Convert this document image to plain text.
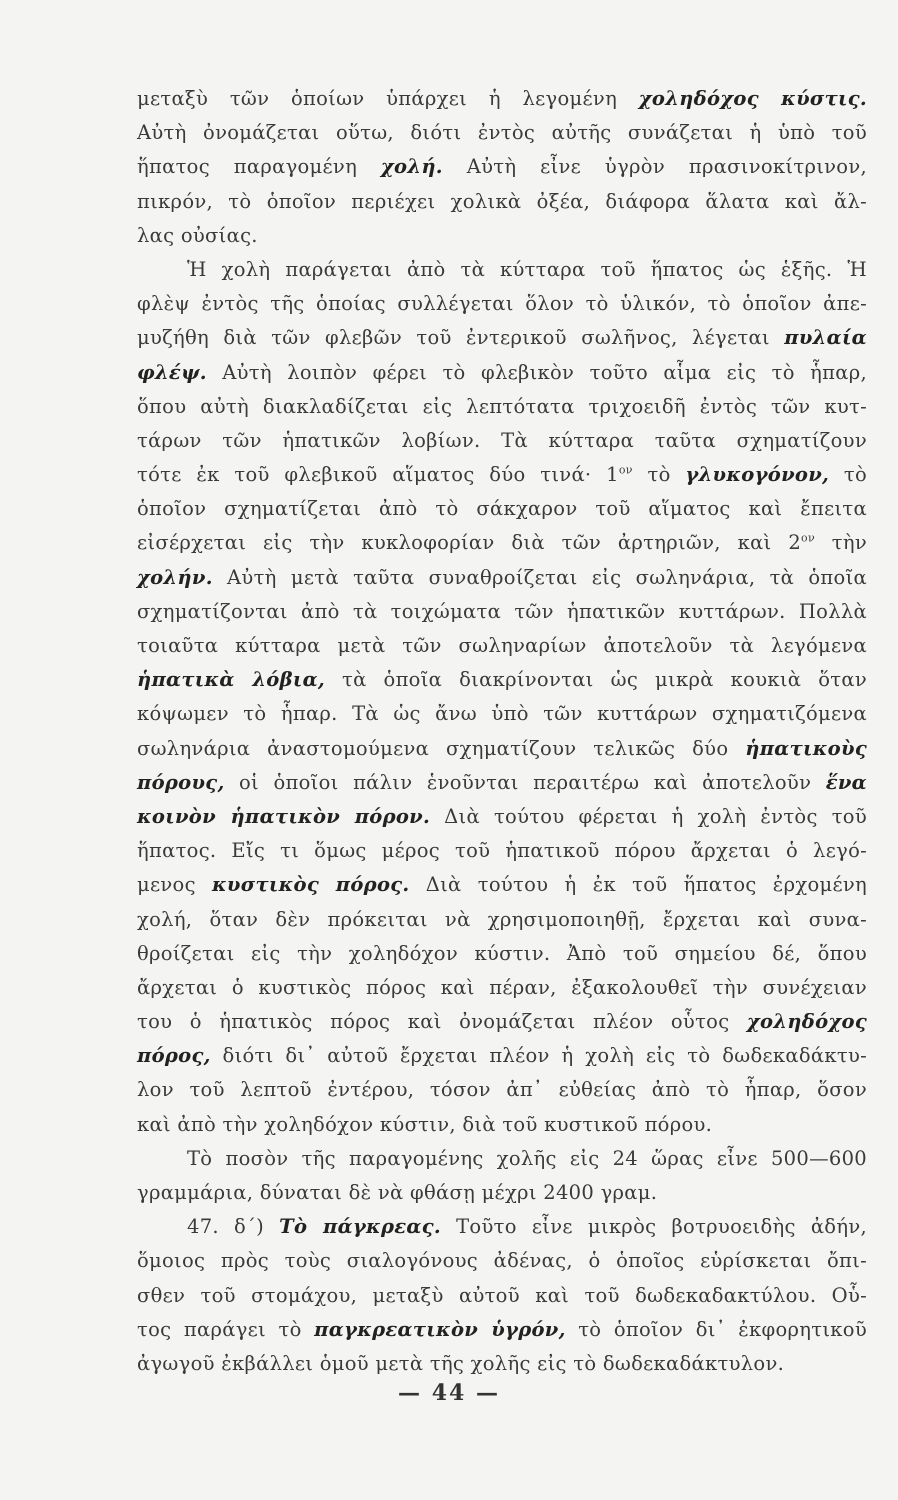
μεταξὺ τῶν ὁποίων ὑπάρχει ἡ λεγομένη χοληδόχος κύστις.
Αὐτὴ ὀνομάζεται οὕτω, διότι ἐντὸς αὐτῆς συνάζεται ἡ ὑπὸ τοῦ
ἥπατος παραγομένη χολή. Αὐτὴ εἶνε ὑγρὸν πρασινοκίτρινον,
πικρόν, τὸ ὁποῖον περιέχει χολικὰ ὀξέα, διάφορα ἅλατα καὶ ἄλ-
λας οὐσίας.
Ἡ χολὴ παράγεται ἀπὸ τὰ κύτταρα τοῦ ἥπατος ὡς ἑξῆς. Ἡ
φλὲψ ἐντὸς τῆς ὁποίας συλλέγεται ὅλον τὸ ὑλικόν, τὸ ὁποῖον ἀπε-
μυζήθη διὰ τῶν φλεβῶν τοῦ ἐντερικοῦ σωλῆνος, λέγεται πυλαία
φλέψ. Αὐτὴ λοιπὸν φέρει τὸ φλεβικὸν τοῦτο αἷμα εἰς τὸ ἧπαρ,
ὅπου αὐτὴ διακλαδίζεται εἰς λεπτότατα τριχοειδῆ ἐντὸς τῶν κυτ-
τάρων τῶν ἡπατικῶν λοβίων. Τὰ κύτταρα ταῦτα σχηματίζουν
τότε ἐκ τοῦ φλεβικοῦ αἵματος δύο $\tau\iota\nu ά\cdot 1^{o\nu}$ τὸ γλυκογόνον, τὸ
ὁποῖον σχηματίζεται ἀπὸ τὸ σάκχαρον τοῦ αἵματος καὶ ἔπειτα
εἰσέρχεται εἰς τὴν κυκλοφορίαν διὰ τῶν ἀρτηριῶν, καὶ $2^{o\nu}$ τὴν
χολήν. Αὐτὴ μετὰ ταῦτα συναθροίζεται εἰς σωληνάρια, τὰ ὁποῖα
σχηματίζονται ἀπὸ τὰ τοιχώματα τῶν ἡπατικῶν κυττάρων. Πολλὰ
τοιαῦτα κύτταρα μετὰ τῶν σωληναρίων ἀποτελοῦν τὰ λεγόμενα
ἡπατικὰ λόβια, τὰ ὁποῖα διακρίνονται ὡς μικρὰ κουκιὰ ὅταν
κόψωμεν τὸ ἧπαρ. Τὰ ὡς ἄνω ὑπὸ τῶν κυττάρων σχηματιζόμενα
σωληνάρια ἀναστομούμενα σχηματίζουν τελικῶς δύο ἡπατικοὺς
πόρους, οἱ ὁποῖοι πάλιν ἑνοῦνται περαιτέρω καὶ ἀποτελοῦν ἕνα
κοινὸν ἡπατικὸν πόρον. Διὰ τούτου φέρεται ἡ χολὴ ἐντὸς τοῦ
ἥπατος. Εἴς τι ὅμως μέρος τοῦ ἡπατικοῦ πόρου ἄρχεται ὁ λεγό-
μενος κυστικὸς πόρος. Διὰ τούτου ἡ ἐκ τοῦ ἥπατος ἐρχομένη
χολή, ὅταν δὲν πρόκειται νὰ χρησιμοποιηθῇ, ἔρχεται καὶ συνα-
θροίζεται εἰς τὴν χοληδόχον κύστιν. Ἀπὸ τοῦ σημείου δέ, ὅπου
ἄρχεται ὁ κυστικὸς πόρος καὶ πέραν, ἐξακολουθεῖ τὴν συνέχειαν
του ὁ ἡπατικὸς πόρος καὶ ὀνομάζεται πλέον οὗτος χοληδόχος
πόρος, διότι δι᾿ αὐτοῦ ἔρχεται πλέον ἡ χολὴ εἰς τὸ δωδεκαδάκτυ-
λον τοῦ λεπτοῦ ἐντέρου, τόσον ἀπ᾿ εὐθείας ἀπὸ τὸ ἧπαρ, ὅσον
καὶ ἀπὸ τὴν χοληδόχον κύστιν, διὰ τοῦ κυστικοῦ πόρου.
Τὸ ποσὸν τῆς παραγομένης χολῆς εἰς 24 ὥρας εἶνε 500—600
γραμμάρια, δύναται δὲ νὰ φθάσῃ μέχρι 2400 γραμ.
47. δ΄) Τὸ πάγκρεας. Τοῦτο εἶνε μικρὸς βοτρυοειδὴς ἀδήν,
ὅμοιος πρὸς τοὺς σιαλογόνους ἀδένας, ὁ ὁποῖος εὑρίσκεται ὄπι-
σθεν τοῦ στομάχου, μεταξὺ αὐτοῦ καὶ τοῦ δωδεκαδακτύλου. Οὗ-
τος παράγει τὸ παγκρεατικὸν ὑγρόν, τὸ ὁποῖον δι᾿ ἐκφορητικοῦ
ἀγωγοῦ ἐκβάλλει ὁμοῦ μετὰ τῆς χολῆς εἰς τὸ δωδεκαδάκτυλον.
— 44 —
